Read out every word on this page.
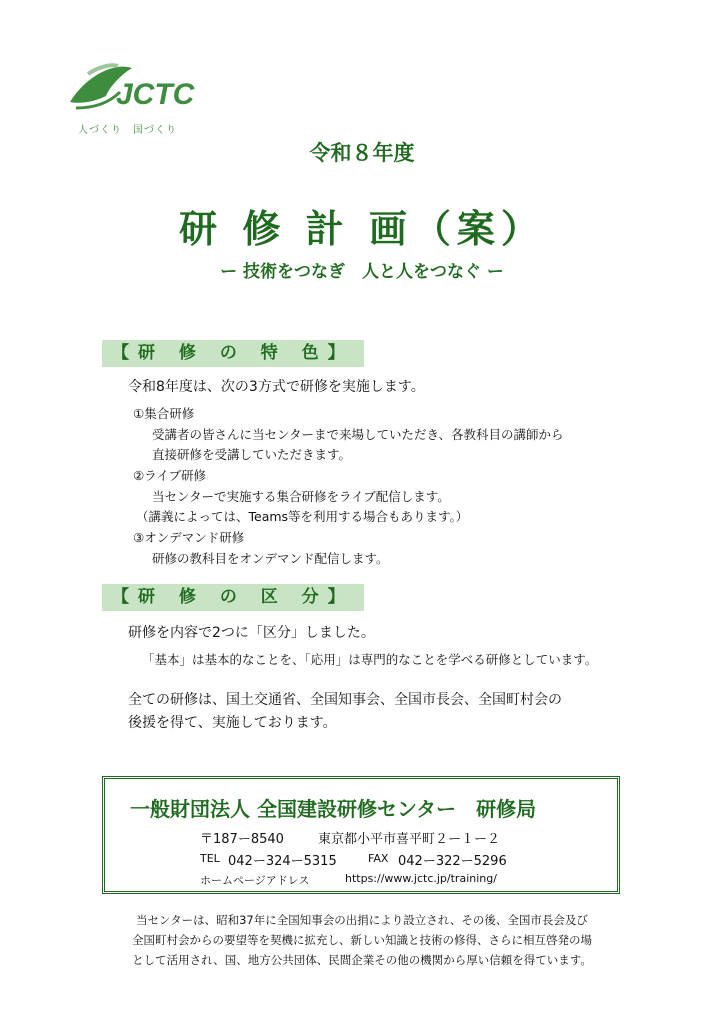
JCTC
人づくり　国づくり
令和８年度
研 修 計 画（案）
ー 技術をつなぎ　人と人をつなぐ ー
【研 修 の 特 色】
令和8年度は、次の3方式で研修を実施します。
①集合研修
受講者の皆さんに当センターまで来場していただき、各教科目の講師から
直接研修を受講していただきます。
②ライブ研修
当センターで実施する集合研修をライブ配信します。
（講義によっては、Teams等を利用する場合もあります。）
③オンデマンド研修
研修の教科目をオンデマンド配信します。
【研 修 の 区 分】
研修を内容で2つに「区分」しました。
「基本」は基本的なことを、「応用」は専門的なことを学べる研修としています。
全ての研修は、国土交通省、全国知事会、全国市長会、全国町村会の
後援を得て、実施しております。
一般財団法人 全国建設研修センター　研修局
〒187ー8540	東京都小平市喜平町２ー１ー２
TEL 042ー324ー5315	FAX 042ー322ー5296
ホームページアドレス	https://www.jctc.jp/training/
当センターは、昭和37年に全国知事会の出捐により設立され、その後、全国市長会及び
全国町村会からの要望等を契機に拡充し、新しい知識と技術の修得、さらに相互啓発の場
として活用され、国、地方公共団体、民間企業その他の機関から厚い信頼を得ています。
